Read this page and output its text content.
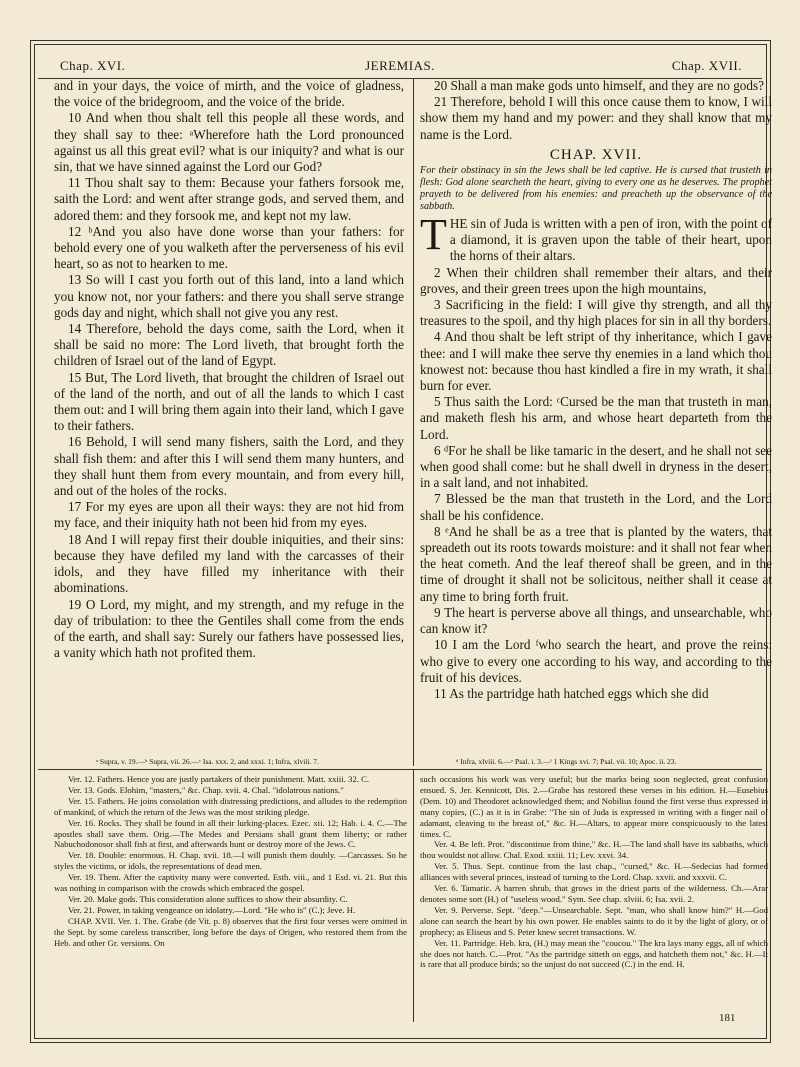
Chap. XVI.	JEREMIAS.	Chap. XVII.

and in your days, the voice of mirth, and the voice of gladness, the voice of the bridegroom, and the voice of the bride.

10 And when thou shalt tell this people all these words, and they shall say to thee: ᵃWherefore hath the Lord pronounced against us all this great evil? what is our iniquity? and what is our sin, that we have sinned against the Lord our God?

11 Thou shalt say to them: Because your fathers forsook me, saith the Lord: and went after strange gods, and served them, and adored them: and they forsook me, and kept not my law.

12 ᵇAnd you also have done worse than your fathers: for behold every one of you walketh after the perverseness of his evil heart, so as not to hearken to me.

13 So will I cast you forth out of this land, into a land which you know not, nor your fathers: and there you shall serve strange gods day and night, which shall not give you any rest.

14 Therefore, behold the days come, saith the Lord, when it shall be said no more: The Lord liveth, that brought forth the children of Israel out of the land of Egypt.

15 But, The Lord liveth, that brought the children of Israel out of the land of the north, and out of all the lands to which I cast them out: and I will bring them again into their land, which I gave to their fathers.

16 Behold, I will send many fishers, saith the Lord, and they shall fish them: and after this I will send them many hunters, and they shall hunt them from every mountain, and from every hill, and out of the holes of the rocks.

17 For my eyes are upon all their ways: they are not hid from my face, and their iniquity hath not been hid from my eyes.

18 And I will repay first their double iniquities, and their sins: because they have defiled my land with the carcasses of their idols, and they have filled my inheritance with their abominations.

19 O Lord, my might, and my strength, and my refuge in the day of tribulation: to thee the Gentiles shall come from the ends of the earth, and shall say: Surely our fathers have possessed lies, a vanity which hath not profited them.

20 Shall a man make gods unto himself, and they are no gods?

21 Therefore, behold I will this once cause them to know, I will show them my hand and my power: and they shall know that my name is the Lord.

CHAP. XVII.

For their obstinacy in sin the Jews shall be led captive. He is cursed that trusteth in flesh: God alone searcheth the heart, giving to every one as he deserves. The prophet prayeth to be delivered from his enemies: and preacheth up the observance of the sabbath.

THE sin of Juda is written with a pen of iron, with the point of a diamond, it is graven upon the table of their heart, upon the horns of their altars.

2 When their children shall remember their altars, and their groves, and their green trees upon the high mountains,

3 Sacrificing in the field: I will give thy strength, and all thy treasures to the spoil, and thy high places for sin in all thy borders.

4 And thou shalt be left stript of thy inheritance, which I gave thee: and I will make thee serve thy enemies in a land which thou knowest not: because thou hast kindled a fire in my wrath, it shall burn for ever.

5 Thus saith the Lord: ᶜCursed be the man that trusteth in man, and maketh flesh his arm, and whose heart departeth from the Lord.

6 ᵈFor he shall be like tamaric in the desert, and he shall not see when good shall come: but he shall dwell in dryness in the desert, in a salt land, and not inhabited.

7 Blessed be the man that trusteth in the Lord, and the Lord shall be his confidence.

8 ᵉAnd he shall be as a tree that is planted by the waters, that spreadeth out its roots towards moisture: and it shall not fear when the heat cometh. And the leaf thereof shall be green, and in the time of drought it shall not be solicitous, neither shall it cease at any time to bring forth fruit.

9 The heart is perverse above all things, and unsearchable, who can know it?

10 I am the Lord ᶠwho search the heart, and prove the reins: who give to every one according to his way, and according to the fruit of his devices.

11 As the partridge hath hatched eggs which she did

ᵃ Supra, v. 19.—ᵇ Supra, vii. 26.—ᶜ Isa. xxx. 2, and xxxi. 1; Infra, xlviii. 7.	ᵈ Infra, xlviii. 6.—ᵉ Psal. i. 3.—ᶠ 1 Kings xvi. 7; Psal. vii. 10; Apoc. ii. 23.

Ver. 12. Fathers. Hence you are justly partakers of their punishment. Matt. xxiii. 32. C.

Ver. 13. Gods. Elohim, "masters," &c. Chap. xvii. 4. Chal. "idolatrous nations."

Ver. 15. Fathers. He joins consolation with distressing predictions, and alludes to the redemption of mankind, of which the return of the Jews was the most striking pledge.

Ver. 16. Rocks. They shall be found in all their lurking-places. Ezec. xii. 12; Hab. i. 4. C.—The apostles shall save them. Orig.—The Medes and Persians shall grant them liberty; or rather Nabuchodonosor shall fish at first, and afterwards hunt or destroy more of the Jews. C.

Ver. 18. Double: enormous. H. Chap. xvii. 18.—I will punish them doubly. —Carcasses. So he styles the victims, or idols, the representations of dead men.

Ver. 19. Them. After the captivity many were converted. Esth. viii., and 1 Esd. vi. 21. But this was nothing in comparison with the crowds which embraced the gospel.

Ver. 20. Make gods. This consideration alone suffices to show their absurdity. C.

Ver. 21. Power, in taking vengeance on idolatry.—Lord. "He who is" (C.); Jeve. H.

CHAP. XVII. Ver. 1. The. Grabe (de Vit. p. 8) observes that the first four verses were omitted in the Sept. by some careless transcriber, long before the days of Origen, who restored them from the Heb. and other Gr. versions. On

such occasions his work was very useful; but the marks being soon neglected, great confusion ensued. S. Jer. Kennicott, Dis. 2.—Grabe has restored these verses in his edition. H.—Eusebius (Dem. 10) and Theodoret acknowledged them; and Nobilius found the first verse thus expressed in many copies, (C.) as it is in Grabe: "The sin of Juda is expressed in writing with a finger nail of adamant, cleaving to the breast of," &c. H.—Altars, to appear more conspicuously to the latest times. C.

Ver. 4. Be left. Prot. "discontinue from thine," &c. H.—The land shall have its sabbaths, which thou wouldst not allow. Chal. Exod. xxiii. 11; Lev. xxvi. 34.

Ver. 5. Thus. Sept. continue from the last chap., "cursed," &c. H.—Sedecias had formed alliances with several princes, instead of turning to the Lord. Chap. xxvii. and xxxvii. C.

Ver. 6. Tamaric. A barren shrub, that grows in the driest parts of the wilderness. Ch.—Arar denotes some sort (H.) of "useless wood." Sym. See chap. xlviii. 6; Isa. xvii. 2.

Ver. 9. Perverse. Sept. "deep."—Unsearchable. Sept. "man, who shall know him?" H.—God alone can search the heart by his own power. He enables saints to do it by the light of glory, or of prophecy; as Eliseus and S. Peter knew secret transactions. W.

Ver. 11. Partridge. Heb. kra, (H.) may mean the "coucou." The kra lays many eggs, all of which she does not hatch. C.—Prot. "As the partridge sitteth on eggs, and hatcheth them not," &c. H.—It is rare that all produce birds; so the unjust do not succeed (C.) in the end. H.

181
